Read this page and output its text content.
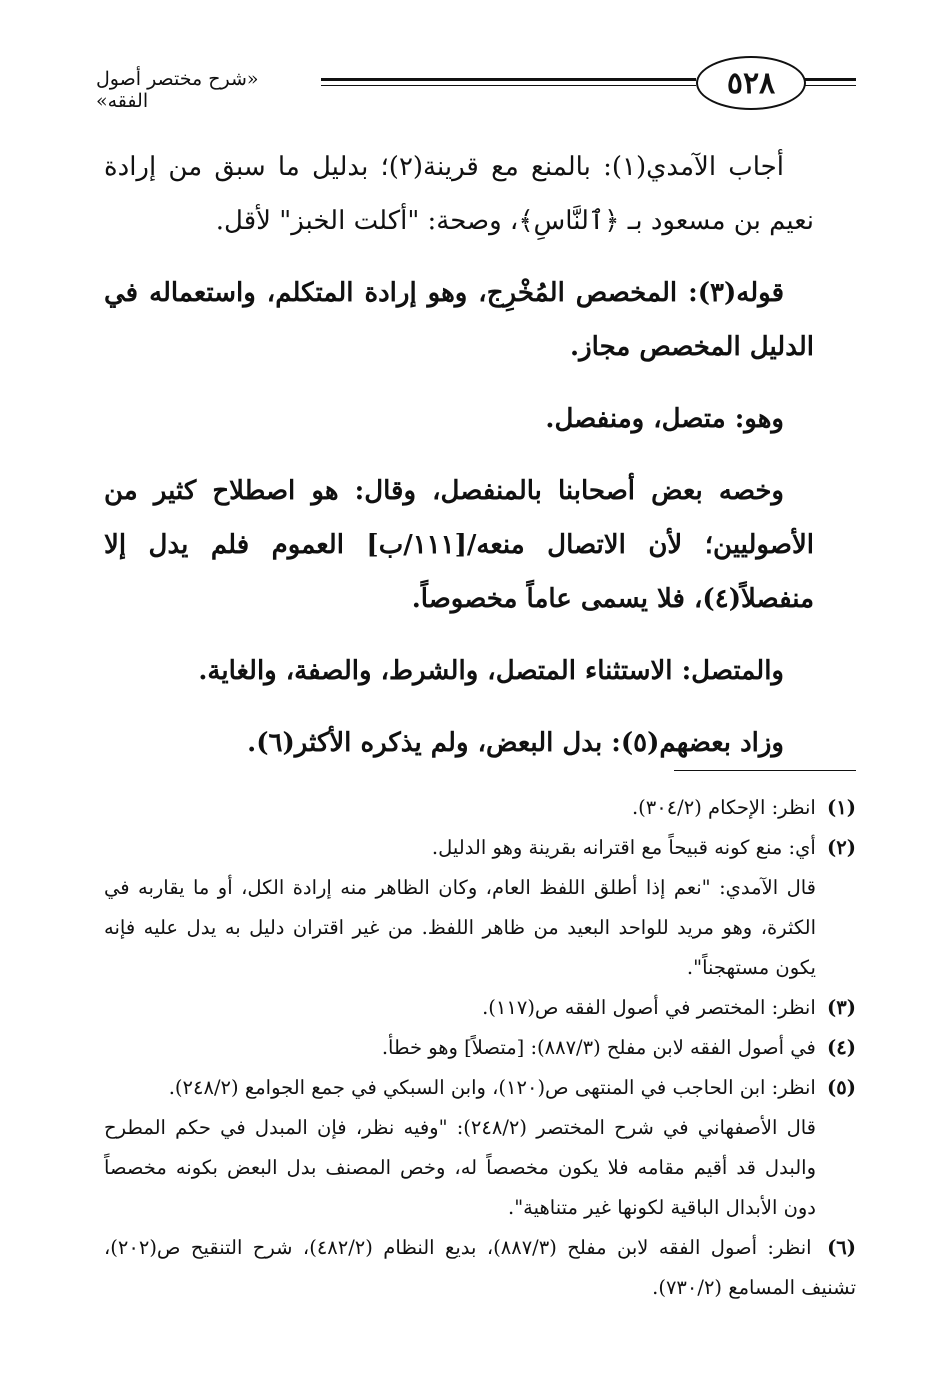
«شرح مختصر أصول الفقه»
٥٢٨

أجاب الآمدي(١): بالمنع مع قرينة(٢)؛ بدليل ما سبق من إرادة نعيم بن مسعود بـ ﴿ٱلنَّاسِ﴾، وصحة: "أكلت الخبز" لأقل.

قوله(٣): المخصص المُخْرِج، وهو إرادة المتكلم، واستعماله في الدليل المخصص مجاز.

وهو: متصل، ومنفصل.

وخصه بعض أصحابنا بالمنفصل، وقال: هو اصطلاح كثير من الأصوليين؛ لأن الاتصال منعه/[١١١/ب] العموم فلم يدل إلا منفصلاً(٤)، فلا يسمى عاماً مخصوصاً.

والمتصل: الاستثناء المتصل، والشرط، والصفة، والغاية.

وزاد بعضهم(٥): بدل البعض، ولم يذكره الأكثر(٦).

(١) انظر: الإحكام (٣٠٤/٢).

(٢) أي: منع كونه قبيحاً مع اقترانه بقرينة وهو الدليل.

قال الآمدي: "نعم إذا أطلق اللفظ العام، وكان الظاهر منه إرادة الكل، أو ما يقاربه في الكثرة، وهو مريد للواحد البعيد من ظاهر اللفظ. من غير اقتران دليل به يدل عليه فإنه يكون مستهجناً".

(٣) انظر: المختصر في أصول الفقه ص(١١٧).

(٤) في أصول الفقه لابن مفلح (٨٨٧/٣): [متصلاً] وهو خطأ.

(٥) انظر: ابن الحاجب في المنتهى ص(١٢٠)، وابن السبكي في جمع الجوامع (٢٤٨/٢).

قال الأصفهاني في شرح المختصر (٢٤٨/٢): "وفيه نظر، فإن المبدل في حكم المطرح والبدل قد أقيم مقامه فلا يكون مخصصاً له، وخص المصنف بدل البعض بكونه مخصصاً دون الأبدال الباقية لكونها غير متناهية".

(٦) انظر: أصول الفقه لابن مفلح (٨٨٧/٣)، بديع النظام (٤٨٢/٢)، شرح التنقيح ص(٢٠٢)، تشنيف المسامع (٧٣٠/٢).
